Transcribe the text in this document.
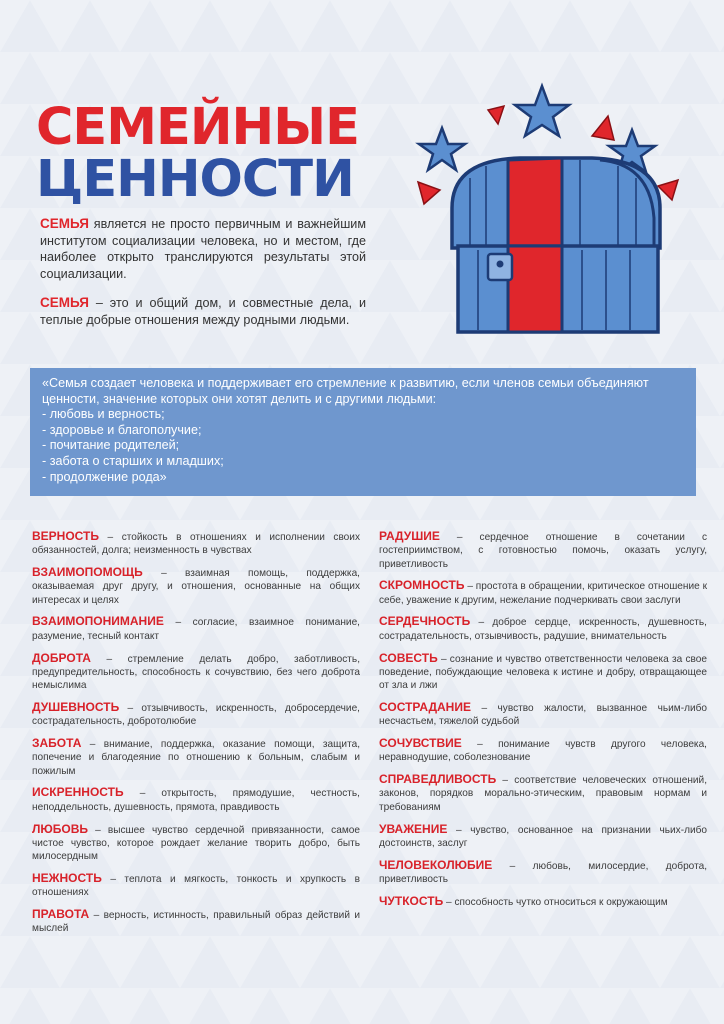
СЕМЕЙНЫЕ
ЦЕННОСТИ

СЕМЬЯ является не просто первичным и важнейшим институтом социализации человека, но и местом, где наиболее открыто транслируются результаты этой социализации.

СЕМЬЯ – это и общий дом, и совместные дела, и теплые добрые отношения между родными людьми.

«Семья создает человека и поддерживает его стремление к развитию, если членов семьи объединяют ценности, значение которых они хотят делить и с другими людьми:

- любовь и верность;
- здоровье и благополучие;
- почитание родителей;
- забота о старших и младших;
- продолжение рода»

ВЕРНОСТЬ – стойкость в отношениях и исполнении своих обязанностей, долга; неизменность в чувствах

ВЗАИМОПОМОЩЬ – взаимная помощь, поддержка, оказываемая друг другу, и отношения, основанные на общих интересах и целях

ВЗАИМОПОНИМАНИЕ – согласие, взаимное понимание, разумение, тесный контакт

ДОБРОТА – стремление делать добро, заботливость, предупредительность, способность к сочувствию, без чего доброта немыслима

ДУШЕВНОСТЬ – отзывчивость, искренность, доброcердечие, сострадательность, добротолюбие

ЗАБОТА – внимание, поддержка, оказание помощи, защита, попечение и благодеяние по отношению к больным, слабым и пожилым

ИСКРЕННОСТЬ – открытость, прямодушие, честность, неподдельность, душевность, прямота, правдивость

ЛЮБОВЬ – высшее чувство сердечной привязанности, самое чистое чувство, которое рождает желание творить добро, быть милосердным

НЕЖНОСТЬ – теплота и мягкость, тонкость и хрупкость в отношениях

ПРАВОТА – верность, истинность, правильный образ действий и мыслей

РАДУШИЕ – сердечное отношение в сочетании с гостеприимством, с готовностью помочь, оказать услугу, приветливость

СКРОМНОСТЬ – простота в обращении, критическое отношение к себе, уважение к другим, нежелание подчеркивать свои заслуги

СЕРДЕЧНОСТЬ – доброе сердце, искренность, душевность, сострадательность, отзывчивость, радушие, внимательность

СОВЕСТЬ – сознание и чувство ответственности человека за свое поведение, побуждающие человека к истине и добру, отвращающее от зла и лжи

СОСТРАДАНИЕ – чувство жалости, вызванное чьим-либо несчастьем, тяжелой судьбой

СОЧУВСТВИЕ – понимание чувств другого человека, неравнодушие, соболезнование

СПРАВЕДЛИВОСТЬ – соответствие человеческих отношений, законов, порядков морально-этическим, правовым нормам и требованиям

УВАЖЕНИЕ – чувство, основанное на признании чьих-либо достоинств, заслуг

ЧЕЛОВЕКОЛЮБИЕ – любовь, милосердие, доброта, приветливость

ЧУТКОСТЬ – способность чутко относиться к окружающим
